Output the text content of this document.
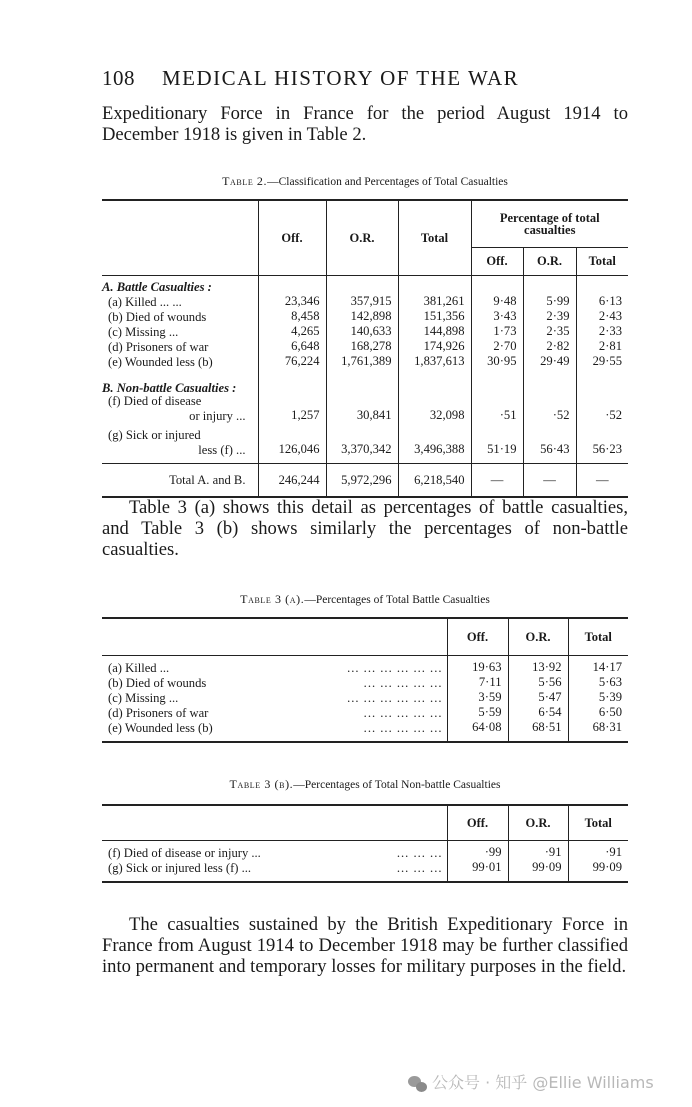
108 MEDICAL HISTORY OF THE WAR

Expeditionary Force in France for the period August 1914 to December 1918 is given in Table 2.

Table 2.—Classification and Percentages of Total Casualties
	Off.	O.R.	Total	Percentage of total casualties		
				Off.	O.R.	Total
A. Battle Casualties :						
(a) Killed ... ...	23,346	357,915	381,261	9·48	5·99	6·13
(b) Died of wounds	8,458	142,898	151,356	3·43	2·39	2·43
(c) Missing ...	4,265	140,633	144,898	1·73	2·35	2·33
(d) Prisoners of war	6,648	168,278	174,926	2·70	2·82	2·81
(e) Wounded less (b)	76,224	1,761,389	1,837,613	30·95	29·49	29·55
B. Non-battle Casualties :						
(f) Died of disease						
or injury ...	1,257	30,841	32,098	·51	·52	·52
(g) Sick or injured						
less (f) ...	126,046	3,370,342	3,496,388	51·19	56·43	56·23
Total A. and B.	246,244	5,972,296	6,218,540	—	—	—

Table 3 (a) shows this detail as percentages of battle casualties, and Table 3 (b) shows similarly the percentages of non-battle casualties.

Table 3 (a).—Percentages of Total Battle Casualties
		Off.	O.R.	Total
(a) Killed ...	... ... ... ... ... ...	19·63	13·92	14·17
(b) Died of wounds	... ... ... ... ...	7·11	5·56	5·63
(c) Missing ...	... ... ... ... ... ...	3·59	5·47	5·39
(d) Prisoners of war	... ... ... ... ...	5·59	6·54	6·50
(e) Wounded less (b)	... ... ... ... ...	64·08	68·51	68·31

Table 3 (b).—Percentages of Total Non-battle Casualties
		Off.	O.R.	Total
(f) Died of disease or injury ...	... ... ...	·99	·91	·91
(g) Sick or injured less (f) ...	... ... ...	99·01	99·09	99·09

The casualties sustained by the British Expeditionary Force in France from August 1914 to December 1918 may be further classified into permanent and temporary losses for military purposes in the field.

公众号 · 知乎 @Ellie Williams
